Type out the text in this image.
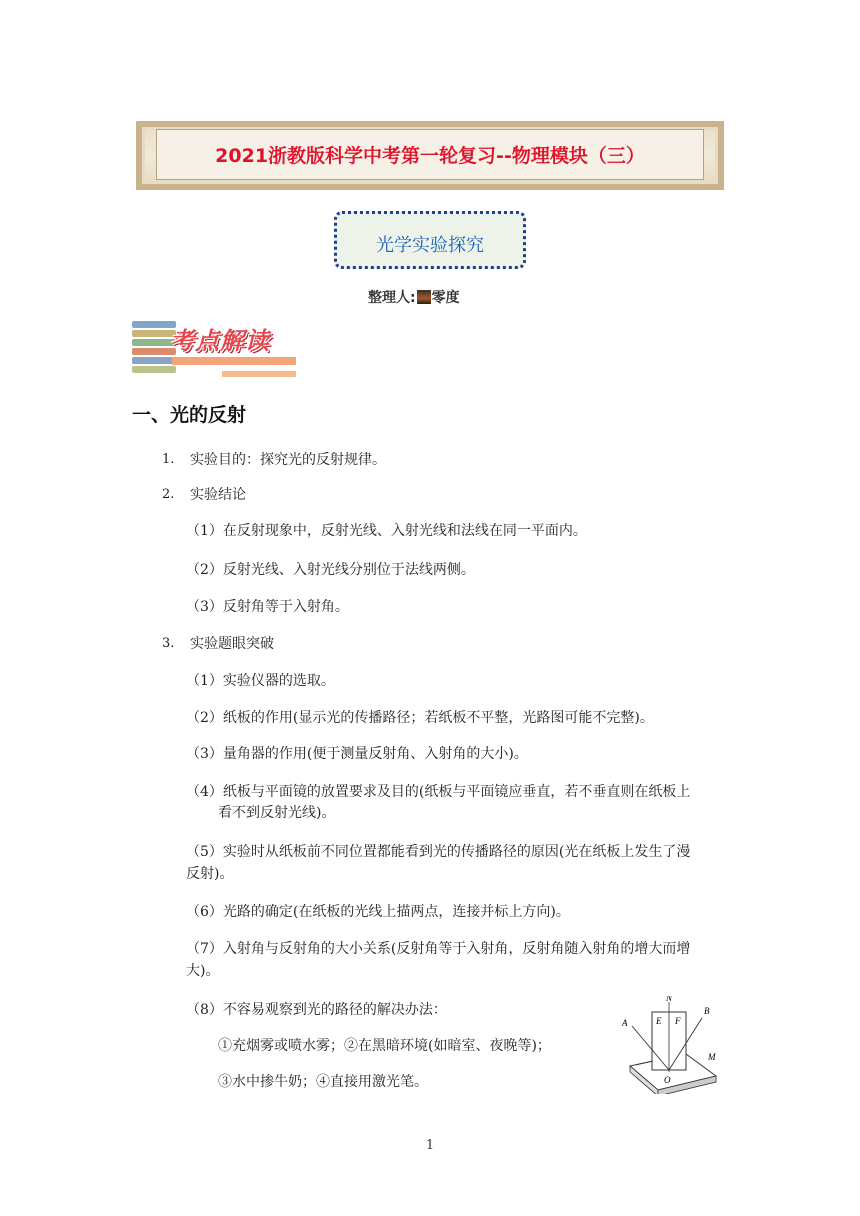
2021浙教版科学中考第一轮复习--物理模块（三）
光学实验探究
整理人: 零度
考点解读
一、光的反射
1. 实验目的：探究光的反射规律。
2. 实验结论
（1）在反射现象中，反射光线、入射光线和法线在同一平面内。
（2）反射光线、入射光线分别位于法线两侧。
（3）反射角等于入射角。
3. 实验题眼突破
（1）实验仪器的选取。
（2）纸板的作用(显示光的传播路径；若纸板不平整，光路图可能不完整)。
（3）量角器的作用(便于测量反射角、入射角的大小)。
（4）纸板与平面镜的放置要求及目的(纸板与平面镜应垂直，若不垂直则在纸板上
看不到反射光线)。
（5）实验时从纸板前不同位置都能看到光的传播路径的原因(光在纸板上发生了漫
反射)。
（6）光路的确定(在纸板的光线上描两点，连接并标上方向)。
（7）入射角与反射角的大小关系(反射角等于入射角，反射角随入射角的增大而增
大)。
（8）不容易观察到光的路径的解决办法：
①充烟雾或喷水雾；②在黑暗环境(如暗室、夜晚等)；
③水中掺牛奶；④直接用激光笔。
N
A
B
E F
O
M
1
